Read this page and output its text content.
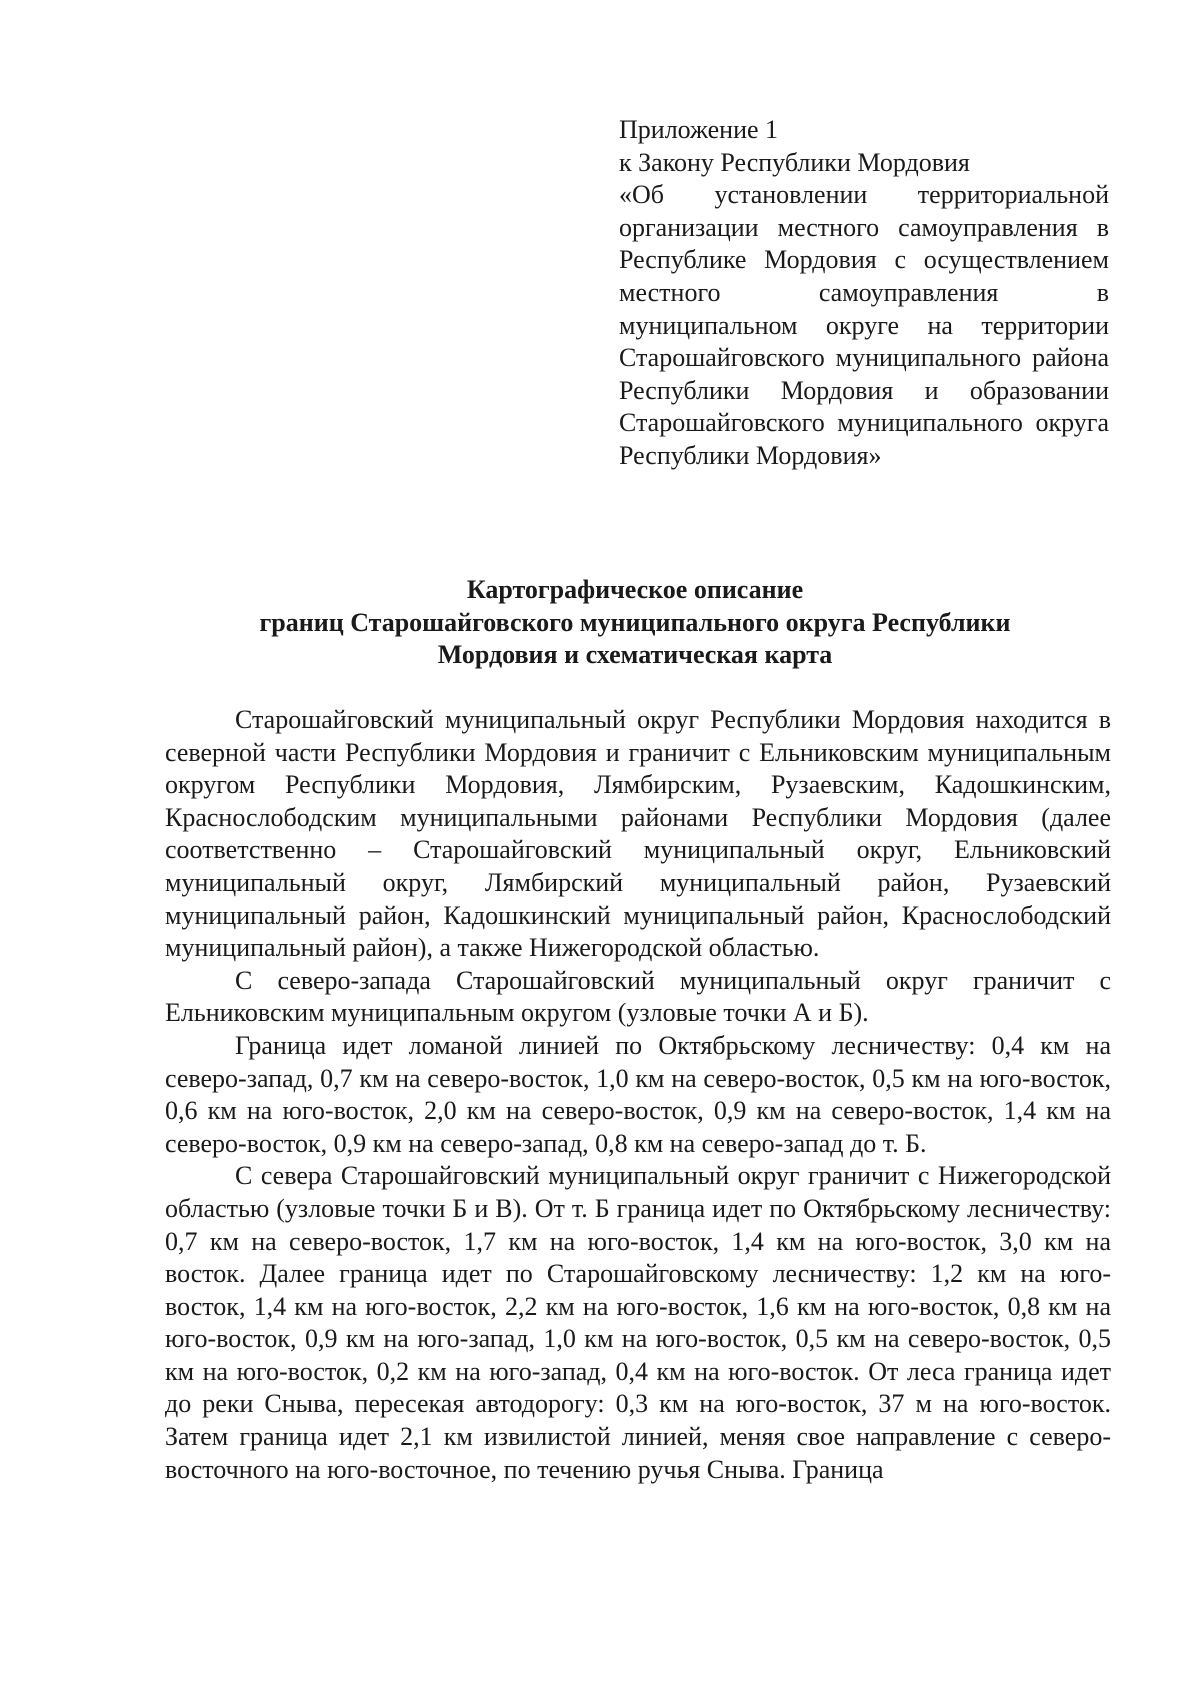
Приложение 1
к Закону Республики Мордовия
«Об установлении территориальной организации местного самоуправления в Республике Мордовия с осуществлением местного самоуправления в муниципальном округе на территории Старошайговского муниципального района Республики Мордовия и образовании Старошайговского муниципального округа Республики Мордовия»
Картографическое описание
границ Старошайговского муниципального округа Республики
Мордовия и схематическая карта

Старошайговский муниципальный округ Республики Мордовия находится в северной части Республики Мордовия и граничит с Ельниковским муниципальным округом Республики Мордовия, Лямбирским, Рузаевским, Кадошкинским, Краснослободским муниципальными районами Республики Мордовия (далее соответственно – Старошайговский муниципальный округ, Ельниковский муниципальный округ, Лямбирский муниципальный район, Рузаевский муниципальный район, Кадошкинский муниципальный район, Краснослободский муниципальный район), а также Нижегородской областью.

С северо-запада Старошайговский муниципальный округ граничит с Ельниковским муниципальным округом (узловые точки А и Б).

Граница идет ломаной линией по Октябрьскому лесничеству: 0,4 км на северо-запад, 0,7 км на северо-восток, 1,0 км на северо-восток, 0,5 км на юго-восток, 0,6 км на юго-восток, 2,0 км на северо-восток, 0,9 км на северо-восток, 1,4 км на северо-восток, 0,9 км на северо-запад, 0,8 км на северо-запад до т. Б.

С севера Старошайговский муниципальный округ граничит с Нижегородской областью (узловые точки Б и В). От т. Б граница идет по Октябрьскому лесничеству: 0,7 км на северо-восток, 1,7 км на юго-восток, 1,4 км на юго-восток, 3,0 км на восток. Далее граница идет по Старошайговскому лесничеству: 1,2 км на юго-восток, 1,4 км на юго-восток, 2,2 км на юго-восток, 1,6 км на юго-восток, 0,8 км на юго-восток, 0,9 км на юго-запад, 1,0 км на юго-восток, 0,5 км на северо-восток, 0,5 км на юго-восток, 0,2 км на юго-запад, 0,4 км на юго-восток. От леса граница идет до реки Снывa, пересекая автодорогу: 0,3 км на юго-восток, 37 м на юго-восток. Затем граница идет 2,1 км извилистой линией, меняя свое направление с северо-восточного на юго-восточное, по течению ручья Снывa. Граница
